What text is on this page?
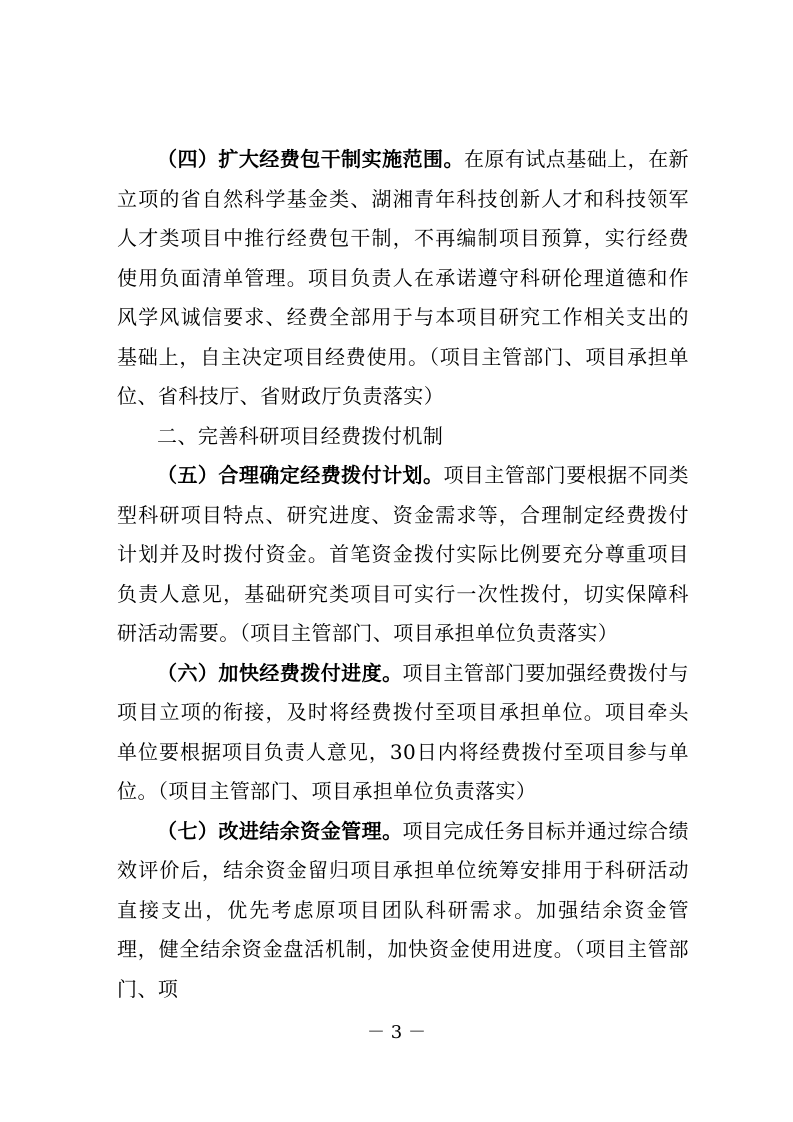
（四）扩大经费包干制实施范围。在原有试点基础上，在新立项的省自然科学基金类、湖湘青年科技创新人才和科技领军人才类项目中推行经费包干制，不再编制项目预算，实行经费使用负面清单管理。项目负责人在承诺遵守科研伦理道德和作风学风诚信要求、经费全部用于与本项目研究工作相关支出的基础上，自主决定项目经费使用。（项目主管部门、项目承担单位、省科技厅、省财政厅负责落实）

二、完善科研项目经费拨付机制

（五）合理确定经费拨付计划。项目主管部门要根据不同类型科研项目特点、研究进度、资金需求等，合理制定经费拨付计划并及时拨付资金。首笔资金拨付实际比例要充分尊重项目负责人意见，基础研究类项目可实行一次性拨付，切实保障科研活动需要。（项目主管部门、项目承担单位负责落实）

（六）加快经费拨付进度。项目主管部门要加强经费拨付与项目立项的衔接，及时将经费拨付至项目承担单位。项目牵头单位要根据项目负责人意见，30日内将经费拨付至项目参与单位。（项目主管部门、项目承担单位负责落实）

（七）改进结余资金管理。项目完成任务目标并通过综合绩效评价后，结余资金留归项目承担单位统筹安排用于科研活动直接支出，优先考虑原项目团队科研需求。加强结余资金管理，健全结余资金盘活机制，加快资金使用进度。（项目主管部门、项

－ 3 －
